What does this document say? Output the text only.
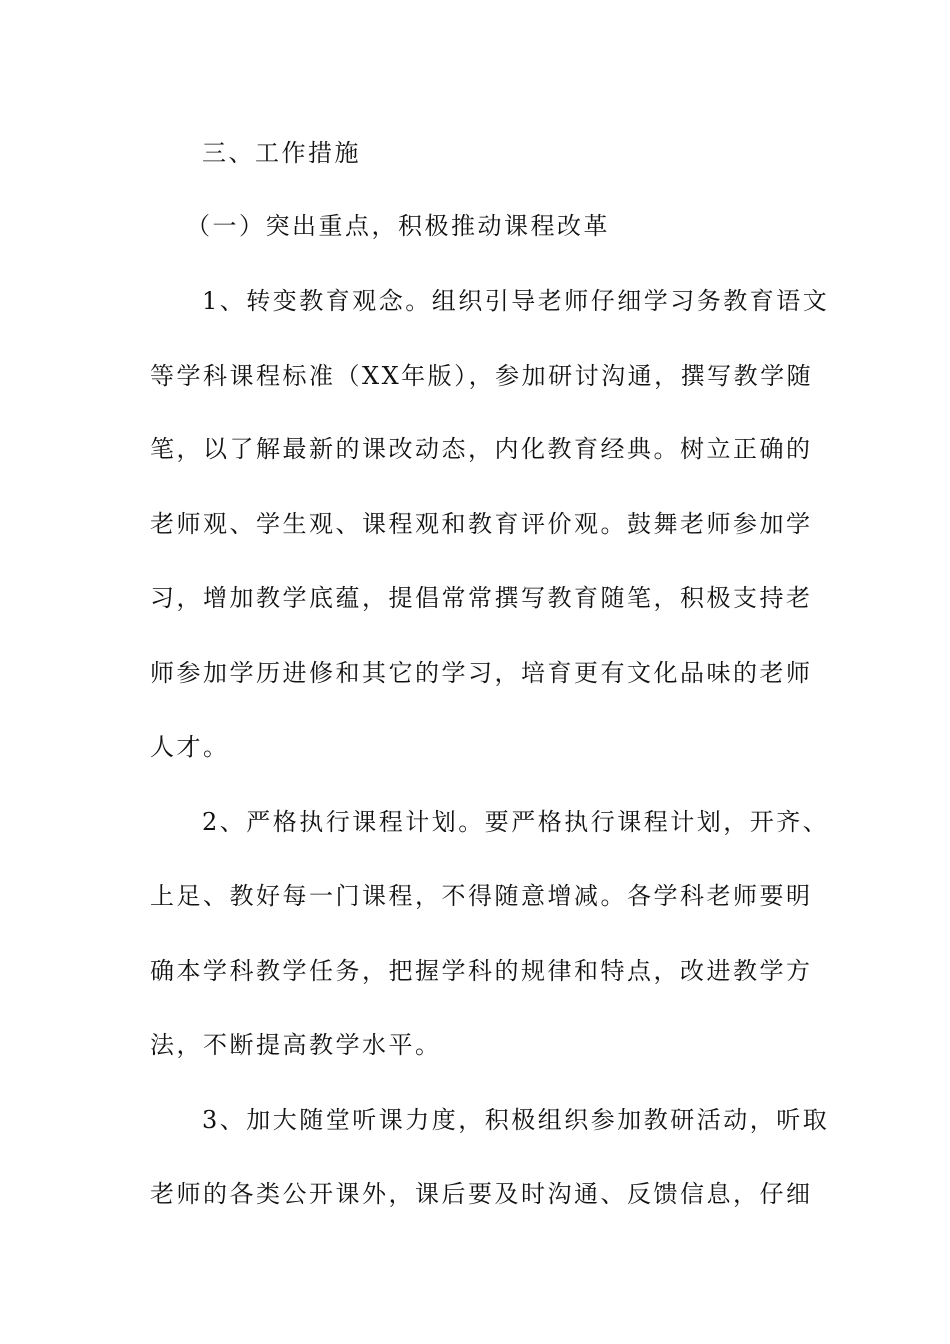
三、工作措施
（一）突出重点，积极推动课程改革
1、转变教育观念。组织引导老师仔细学习务教育语文
等学科课程标准（XX年版），参加研讨沟通，撰写教学随
笔，以了解最新的课改动态，内化教育经典。树立正确的
老师观、学生观、课程观和教育评价观。鼓舞老师参加学
习，增加教学底蕴，提倡常常撰写教育随笔，积极支持老
师参加学历进修和其它的学习，培育更有文化品味的老师
人才。
2、严格执行课程计划。要严格执行课程计划，开齐、
上足、教好每一门课程，不得随意增减。各学科老师要明
确本学科教学任务，把握学科的规律和特点，改进教学方
法，不断提高教学水平。
3、加大随堂听课力度，积极组织参加教研活动，听取
老师的各类公开课外，课后要及时沟通、反馈信息，仔细
